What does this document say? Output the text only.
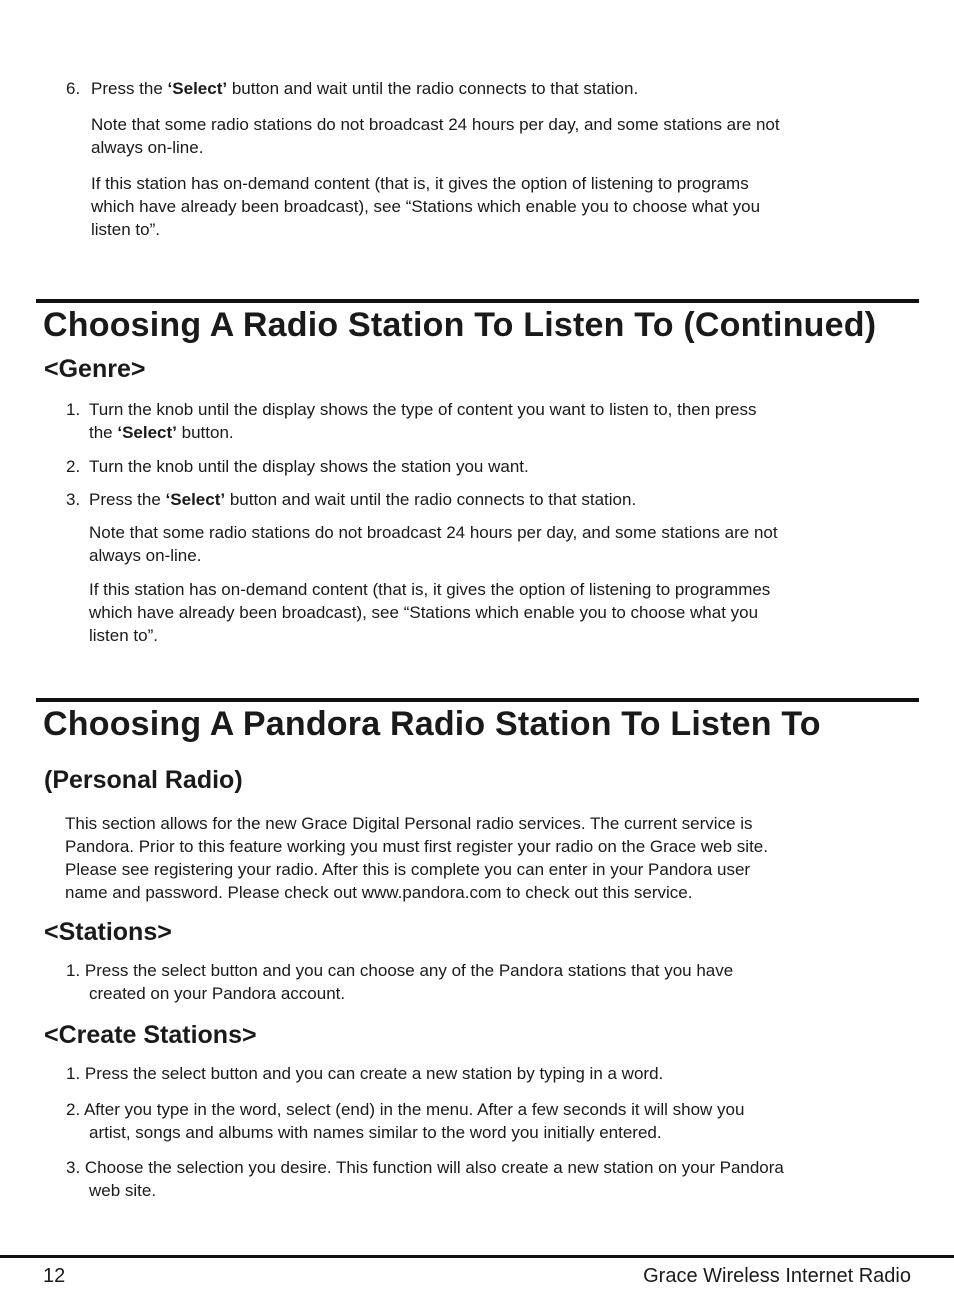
6. Press the ‘Select’ button and wait until the radio connects to that station.
Note that some radio stations do not broadcast 24 hours per day, and some stations are not
always on-line.
If this station has on-demand content (that is, it gives the option of listening to programs
which have already been broadcast), see “Stations which enable you to choose what you
listen to”.
Choosing A Radio Station To Listen To (Continued)
<Genre>
1. Turn the knob until the display shows the type of content you want to listen to, then press
the ‘Select’ button.
2. Turn the knob until the display shows the station you want.
3. Press the ‘Select’ button and wait until the radio connects to that station.
Note that some radio stations do not broadcast 24 hours per day, and some stations are not
always on-line.
If this station has on-demand content (that is, it gives the option of listening to programmes
which have already been broadcast), see “Stations which enable you to choose what you
listen to”.
Choosing A Pandora Radio Station To Listen To
(Personal Radio)
This section allows for the new Grace Digital Personal radio services. The current service is
Pandora. Prior to this feature working you must first register your radio on the Grace web site.
Please see registering your radio. After this is complete you can enter in your Pandora user
name and password. Please check out www.pandora.com to check out this service.
<Stations>
1. Press the select button and you can choose any of the Pandora stations that you have
created on your Pandora account.
<Create Stations>
1. Press the select button and you can create a new station by typing in a word.
2. After you type in the word, select (end) in the menu. After a few seconds it will show you
artist, songs and albums with names similar to the word you initially entered.
3. Choose the selection you desire. This function will also create a new station on your Pandora
web site.
12	Grace Wireless Internet Radio
